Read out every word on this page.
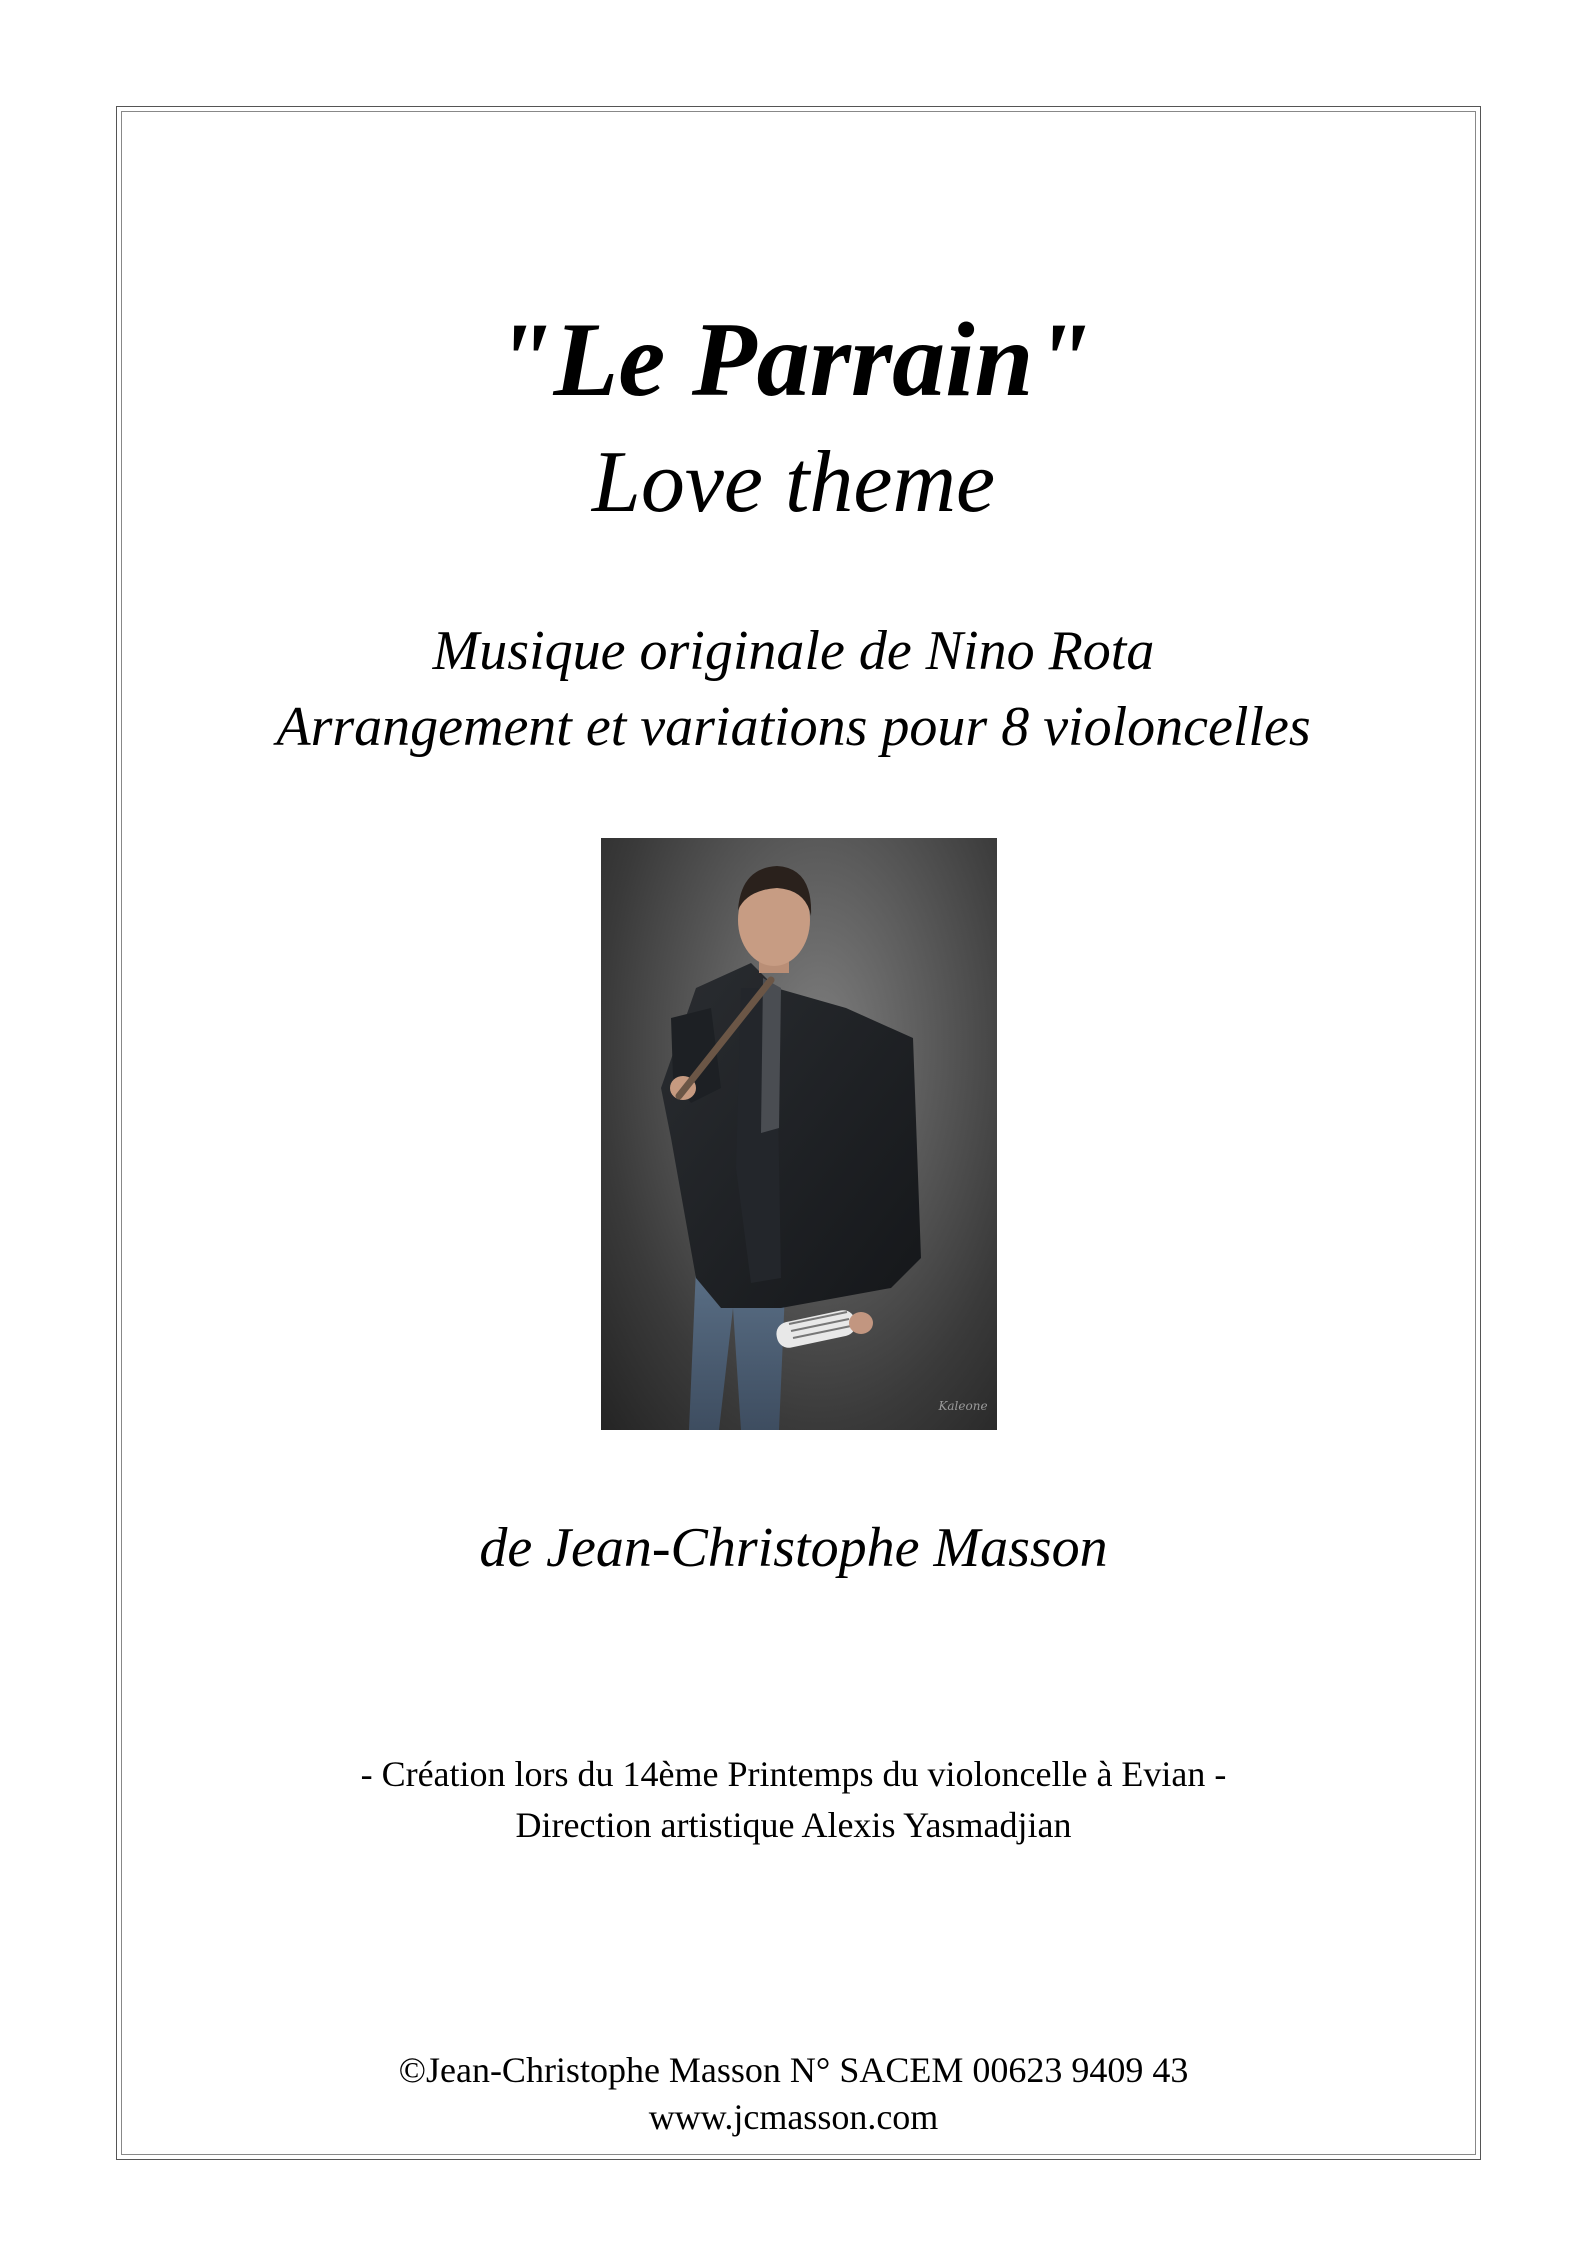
"Le Parrain"
Love theme
Musique originale de Nino Rota
Arrangement et variations pour 8 violoncelles
Kaleone
de Jean-Christophe Masson
- Création lors du 14ème Printemps du violoncelle à Evian -
Direction artistique Alexis Yasmadjian
©Jean-Christophe Masson N° SACEM 00623 9409 43
www.jcmasson.com
